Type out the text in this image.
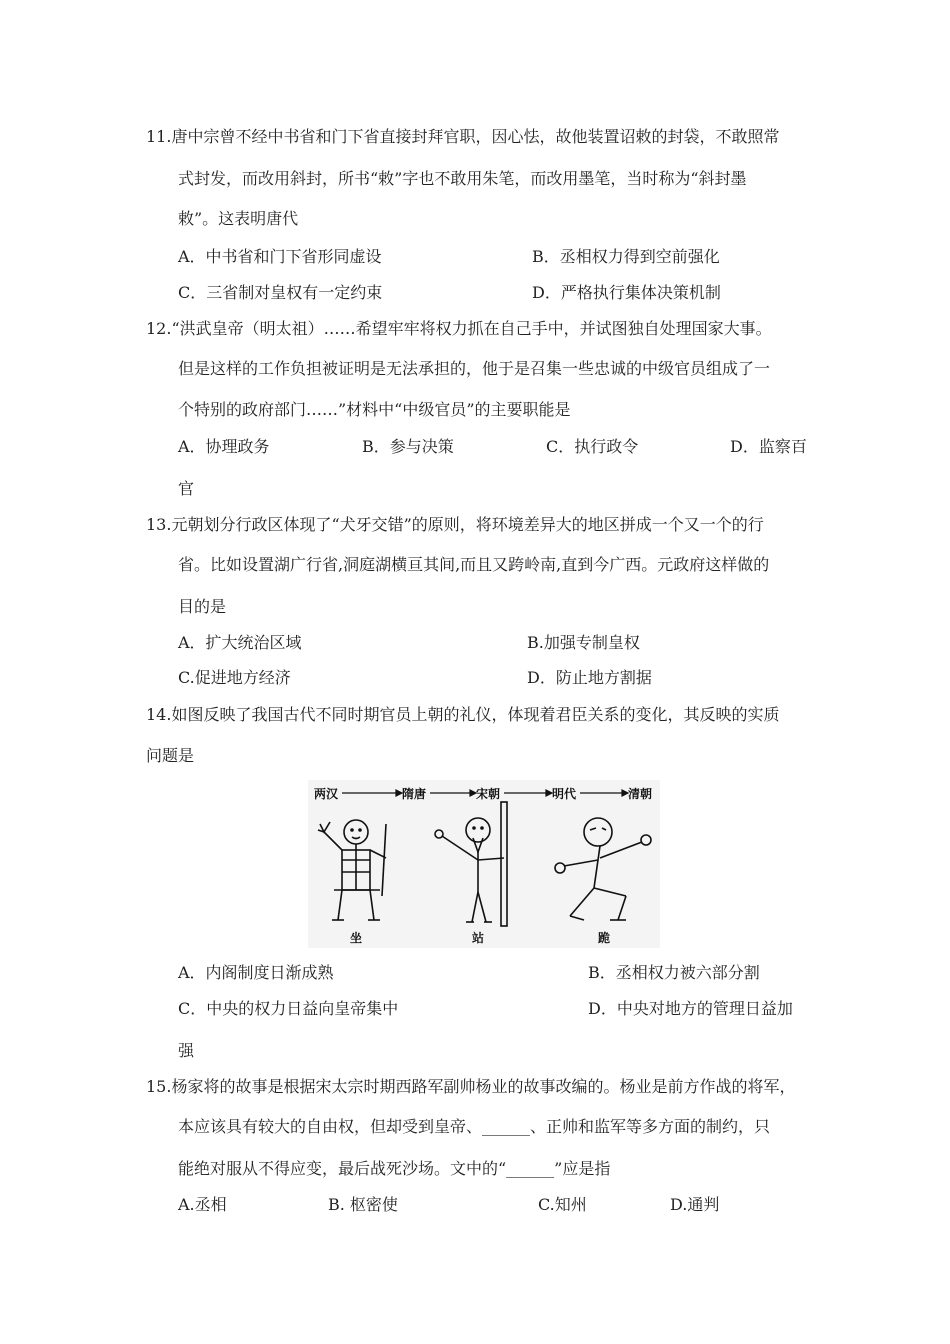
11.唐中宗曾不经中书省和门下省直接封拜官职，因心怯，故他装置诏敕的封袋，不敢照常
式封发，而改用斜封，所书“敕”字也不敢用朱笔，而改用墨笔，当时称为“斜封墨
敕”。这表明唐代
A．中书省和门下省形同虚设	B．丞相权力得到空前强化
C．三省制对皇权有一定约束	D．严格执行集体决策机制
12.“洪武皇帝（明太祖）……希望牢牢将权力抓在自己手中，并试图独自处理国家大事。
但是这样的工作负担被证明是无法承担的，他于是召集一些忠诚的中级官员组成了一
个特别的政府部门……”材料中“中级官员”的主要职能是
A．协理政务	B．参与决策	C．执行政令	D．监察百
官
13.元朝划分行政区体现了“犬牙交错”的原则，将环境差异大的地区拼成一个又一个的行
省。比如设置湖广行省,洞庭湖横亘其间,而且又跨岭南,直到今广西。元政府这样做的
目的是
A．扩大统治区域	B.加强专制皇权
C.促进地方经济	D．防止地方割据
14.如图反映了我国古代不同时期官员上朝的礼仪，体现着君臣关系的变化，其反映的实质
问题是
两汉	隋唐	宋朝	明代	清朝
坐	站	跪
A．内阁制度日渐成熟	B．丞相权力被六部分割
C．中央的权力日益向皇帝集中	D．中央对地方的管理日益加
强
15.杨家将的故事是根据宋太宗时期西路军副帅杨业的故事改编的。杨业是前方作战的将军，
本应该具有较大的自由权，但却受到皇帝、______、正帅和监军等多方面的制约，只
能绝对服从不得应变，最后战死沙场。文中的“______”应是指
A.丞相	B. 枢密使	C.知州	D.通判
